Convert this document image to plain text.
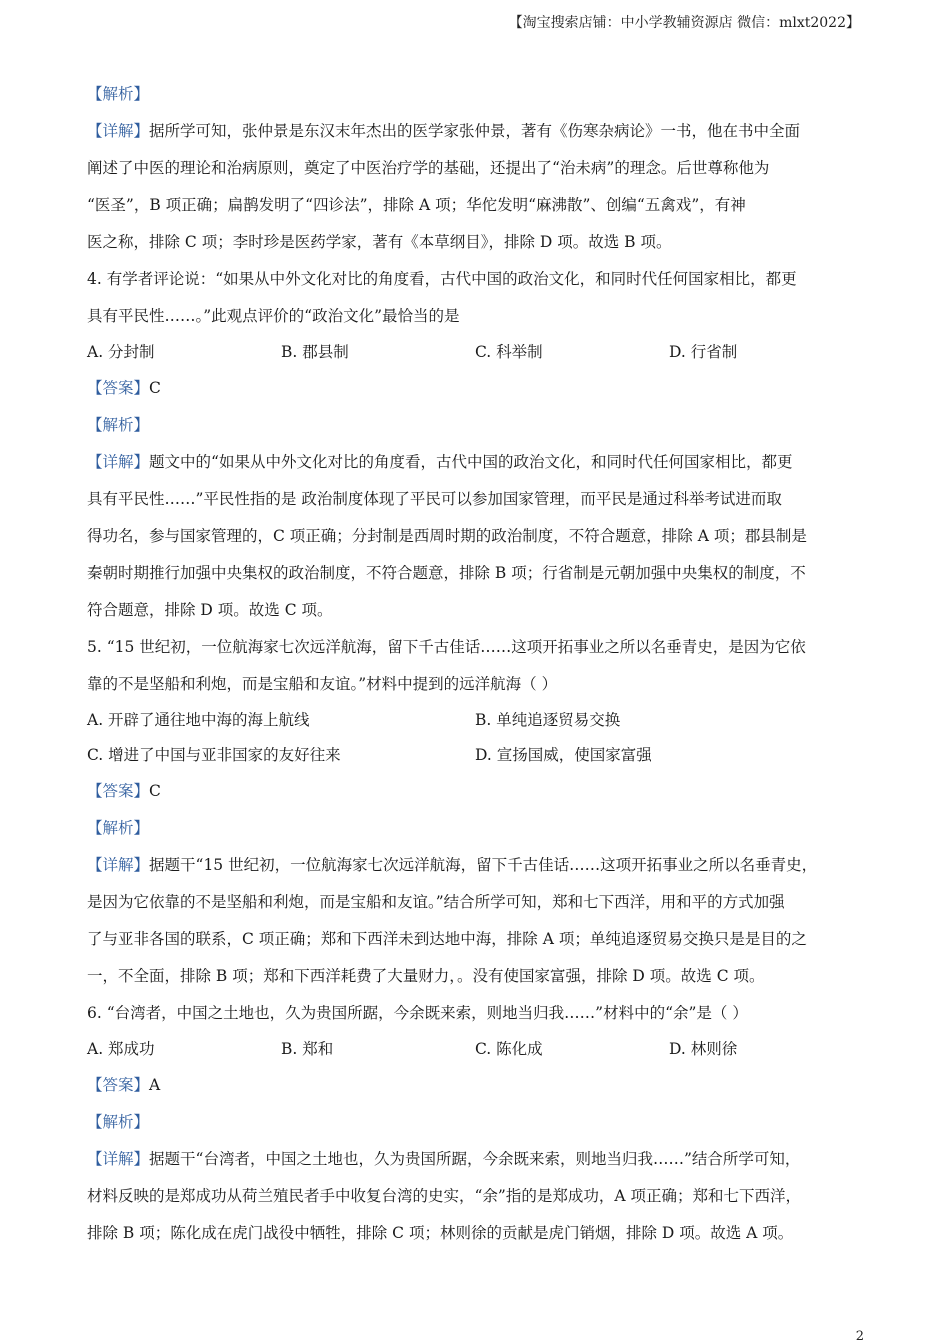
【淘宝搜索店铺：中小学教辅资源店 微信：mlxt2022】
【解析】
【详解】据所学可知，张仲景是东汉末年杰出的医学家张仲景，著有《伤寒杂病论》一书，他在书中全面
阐述了中医的理论和治病原则，奠定了中医治疗学的基础，还提出了“治未病”的理念。后世尊称他为
“医圣”，B 项正确；扁鹊发明了“四诊法”，排除 A 项；华佗发明“麻沸散”、创编“五禽戏”，有神
医之称，排除 C 项；李时珍是医药学家，著有《本草纲目》，排除 D 项。故选 B 项。
4. 有学者评论说：“如果从中外文化对比的角度看，古代中国的政治文化，和同时代任何国家相比，都更
具有平民性……。”此观点评价的“政治文化”最恰当的是
A. 分封制	B. 郡县制	C. 科举制	D. 行省制
【答案】C
【解析】
【详解】题文中的“如果从中外文化对比的角度看，古代中国的政治文化，和同时代任何国家相比，都更
具有平民性……”平民性指的是 政治制度体现了平民可以参加国家管理，而平民是通过科举考试进而取
得功名，参与国家管理的，C 项正确；分封制是西周时期的政治制度，不符合题意，排除 A 项；郡县制是
秦朝时期推行加强中央集权的政治制度，不符合题意，排除 B 项；行省制是元朝加强中央集权的制度，不
符合题意，排除 D 项。故选 C 项。
5. “15 世纪初，一位航海家七次远洋航海，留下千古佳话……这项开拓事业之所以名垂青史，是因为它依
靠的不是坚船和利炮，而是宝船和友谊。”材料中提到的远洋航海（ ）
A. 开辟了通往地中海的海上航线	B. 单纯追逐贸易交换
C. 增进了中国与亚非国家的友好往来	D. 宣扬国威，使国家富强
【答案】C
【解析】
【详解】据题干“15 世纪初，一位航海家七次远洋航海，留下千古佳话……这项开拓事业之所以名垂青史，
是因为它依靠的不是坚船和利炮，而是宝船和友谊。”结合所学可知，郑和七下西洋，用和平的方式加强
了与亚非各国的联系，C 项正确；郑和下西洋未到达地中海，排除 A 项；单纯追逐贸易交换只是是目的之
一，不全面，排除 B 项；郑和下西洋耗费了大量财力，。没有使国家富强，排除 D 项。故选 C 项。
6. “台湾者，中国之土地也，久为贵国所踞，今余既来索，则地当归我……”材料中的“余”是（ ）
A. 郑成功	B. 郑和	C. 陈化成	D. 林则徐
【答案】A
【解析】
【详解】据题干“台湾者，中国之土地也，久为贵国所踞，今余既来索，则地当归我……”结合所学可知，
材料反映的是郑成功从荷兰殖民者手中收复台湾的史实，“余”指的是郑成功，A 项正确；郑和七下西洋，
排除 B 项；陈化成在虎门战役中牺牲，排除 C 项；林则徐的贡献是虎门销烟，排除 D 项。故选 A 项。
2
